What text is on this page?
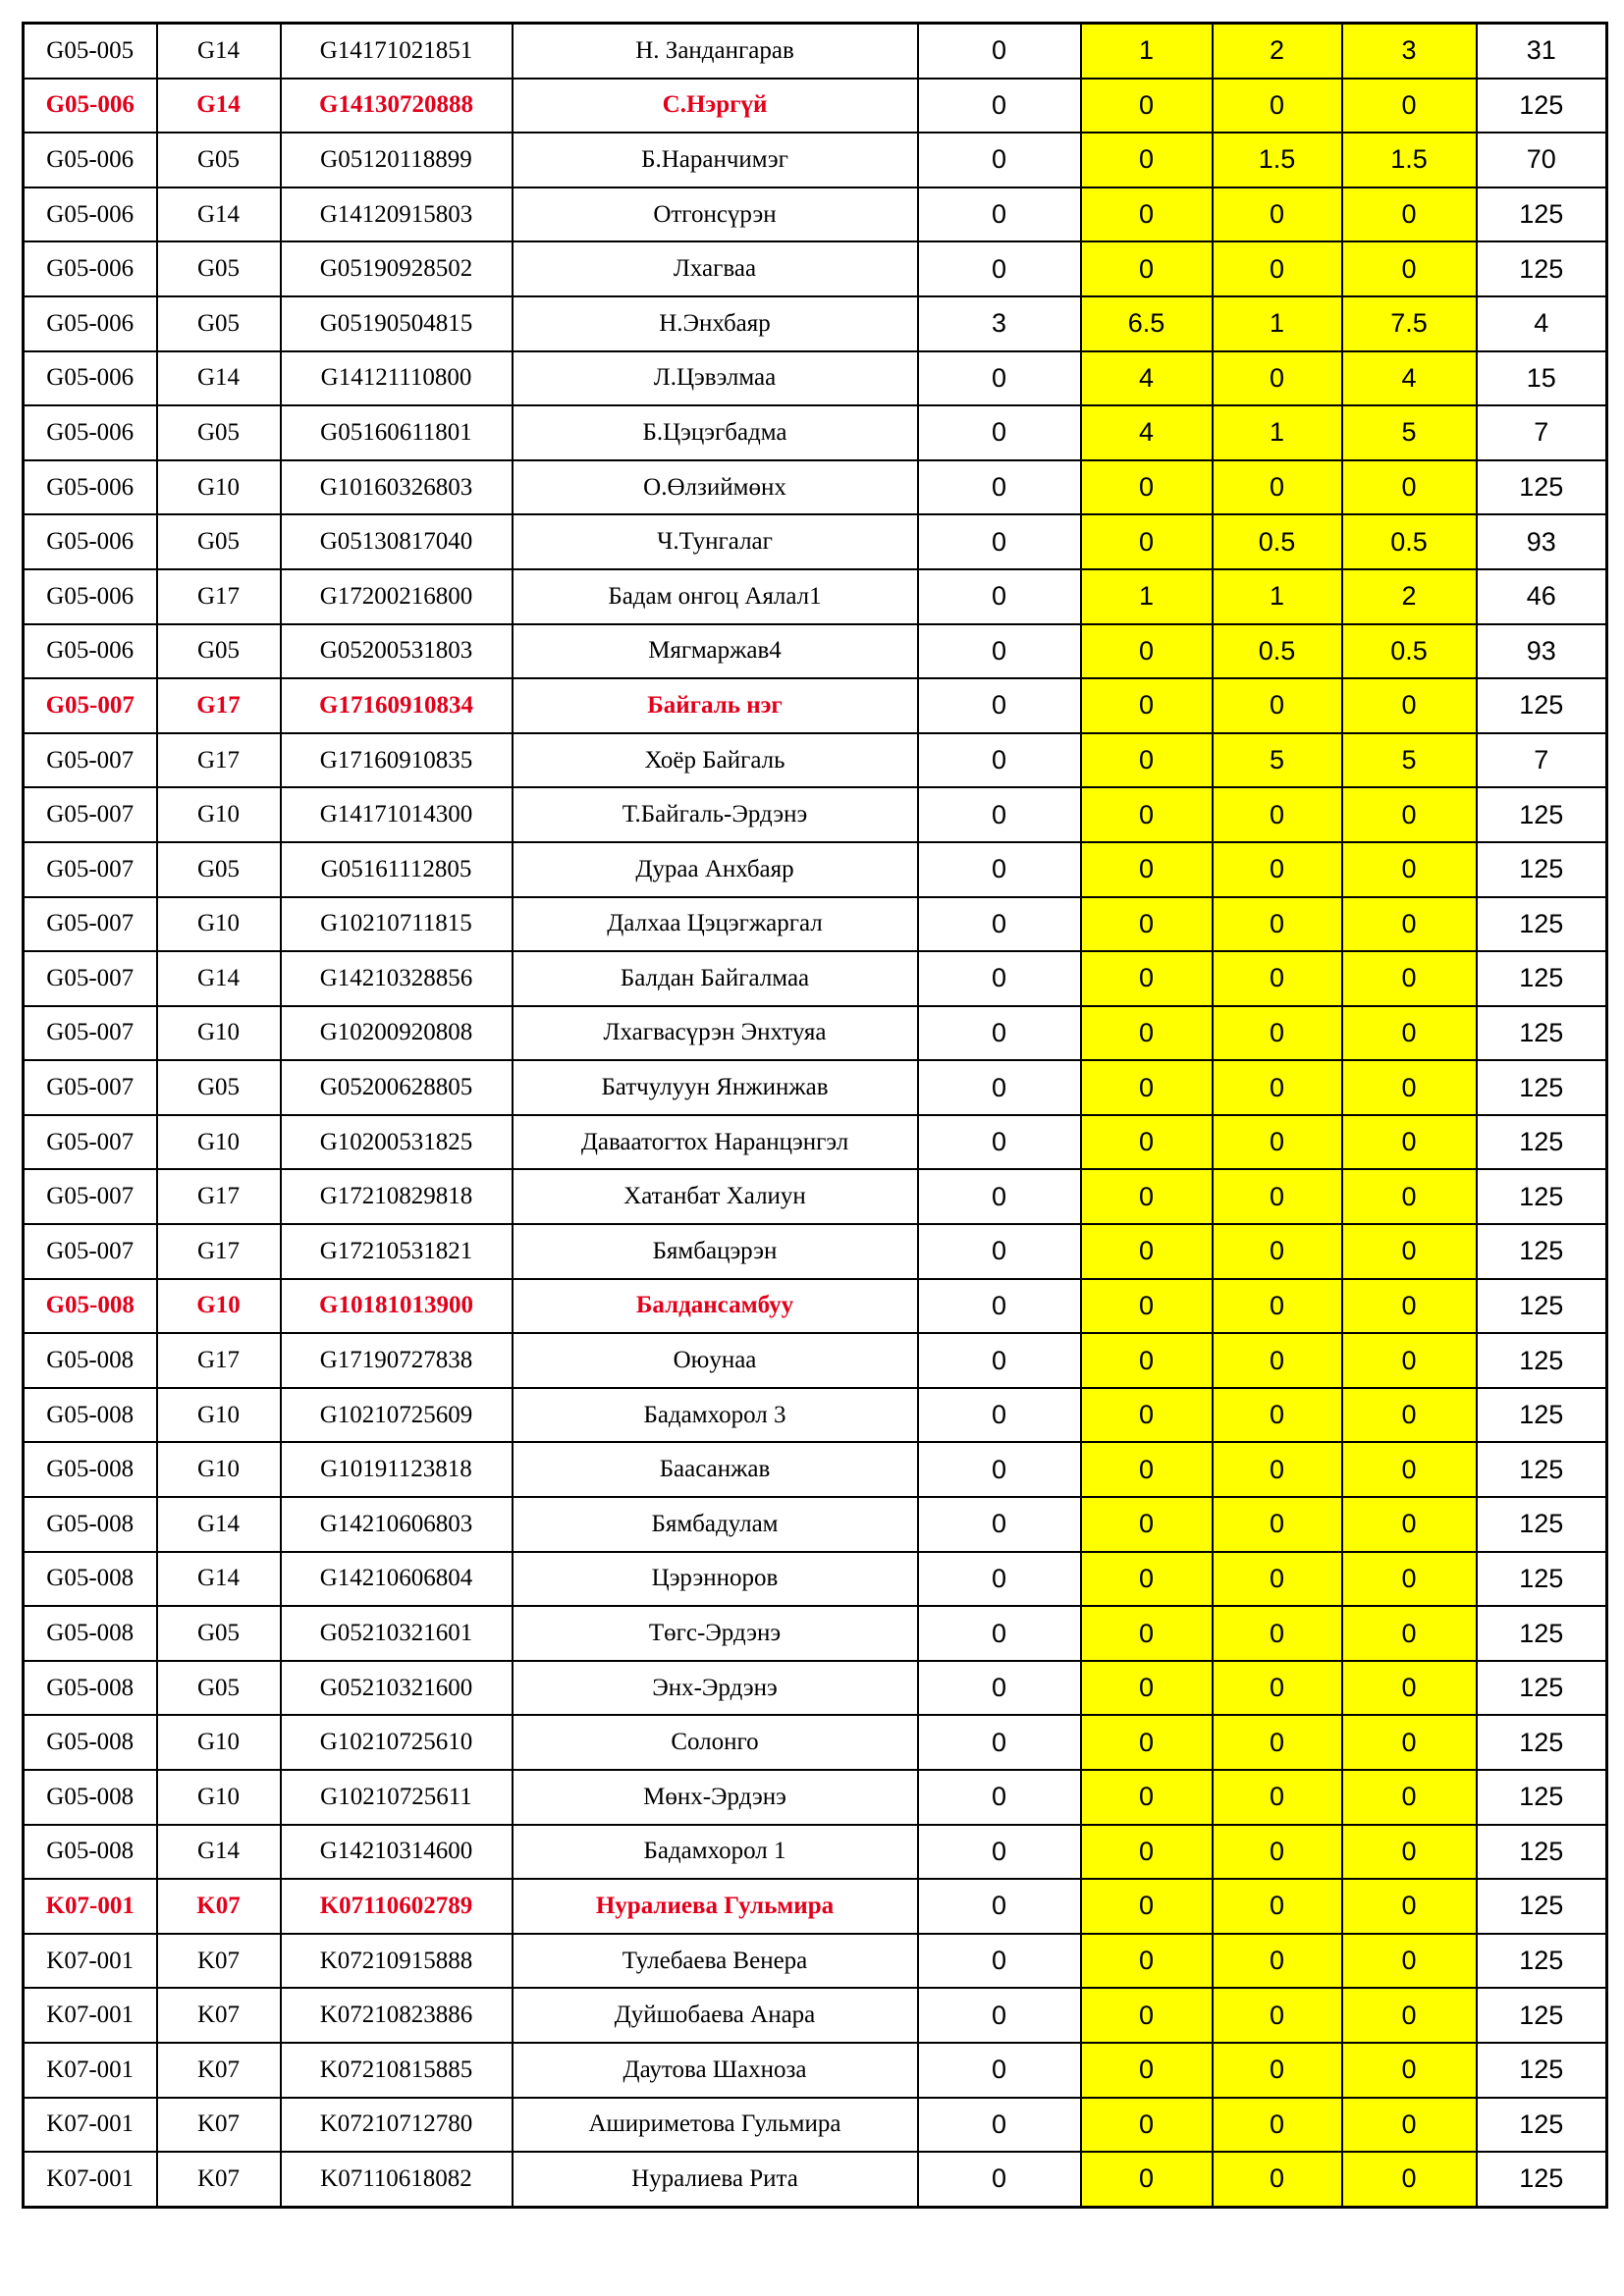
G05-005	G14	G14171021851	Н. Зандангарав	0	1	2	3	31
G05-006	G14	G14130720888	С.Нэргүй	0	0	0	0	125
G05-006	G05	G05120118899	Б.Наранчимэг	0	0	1.5	1.5	70
G05-006	G14	G14120915803	Отгонсүрэн	0	0	0	0	125
G05-006	G05	G05190928502	Лхагваа	0	0	0	0	125
G05-006	G05	G05190504815	Н.Энхбаяр	3	6.5	1	7.5	4
G05-006	G14	G14121110800	Л.Цэвэлмаа	0	4	0	4	15
G05-006	G05	G05160611801	Б.Цэцэгбадма	0	4	1	5	7
G05-006	G10	G10160326803	О.Өлзиймөнх	0	0	0	0	125
G05-006	G05	G05130817040	Ч.Тунгалаг	0	0	0.5	0.5	93
G05-006	G17	G17200216800	Бадам онгоц Аялал1	0	1	1	2	46
G05-006	G05	G05200531803	Мягмаржав4	0	0	0.5	0.5	93
G05-007	G17	G17160910834	Байгаль нэг	0	0	0	0	125
G05-007	G17	G17160910835	Хоёр Байгаль	0	0	5	5	7
G05-007	G10	G14171014300	Т.Байгаль-Эрдэнэ	0	0	0	0	125
G05-007	G05	G05161112805	Дураа Анхбаяр	0	0	0	0	125
G05-007	G10	G10210711815	Далхаа Цэцэгжаргал	0	0	0	0	125
G05-007	G14	G14210328856	Балдан Байгалмаа	0	0	0	0	125
G05-007	G10	G10200920808	Лхагвасүрэн Энхтуяа	0	0	0	0	125
G05-007	G05	G05200628805	Батчулуун Янжинжав	0	0	0	0	125
G05-007	G10	G10200531825	Даваатогтох Наранцэнгэл	0	0	0	0	125
G05-007	G17	G17210829818	Хатанбат Халиун	0	0	0	0	125
G05-007	G17	G17210531821	Бямбацэрэн	0	0	0	0	125
G05-008	G10	G10181013900	Балдансамбуу	0	0	0	0	125
G05-008	G17	G17190727838	Оюунаа	0	0	0	0	125
G05-008	G10	G10210725609	Бадамхорол 3	0	0	0	0	125
G05-008	G10	G10191123818	Баасанжав	0	0	0	0	125
G05-008	G14	G14210606803	Бямбадулам	0	0	0	0	125
G05-008	G14	G14210606804	Цэрэнноров	0	0	0	0	125
G05-008	G05	G05210321601	Төгс-Эрдэнэ	0	0	0	0	125
G05-008	G05	G05210321600	Энх-Эрдэнэ	0	0	0	0	125
G05-008	G10	G10210725610	Солонго	0	0	0	0	125
G05-008	G10	G10210725611	Мөнх-Эрдэнэ	0	0	0	0	125
G05-008	G14	G14210314600	Бадамхорол 1	0	0	0	0	125
K07-001	K07	K07110602789	Нуралиева Гульмира	0	0	0	0	125
K07-001	K07	K07210915888	Тулебаева Венера	0	0	0	0	125
K07-001	K07	K07210823886	Дуйшобаева Анара	0	0	0	0	125
K07-001	K07	K07210815885	Даутова Шахноза	0	0	0	0	125
K07-001	K07	K07210712780	Ашириметова Гульмира	0	0	0	0	125
K07-001	K07	K07110618082	Нуралиева Рита	0	0	0	0	125
